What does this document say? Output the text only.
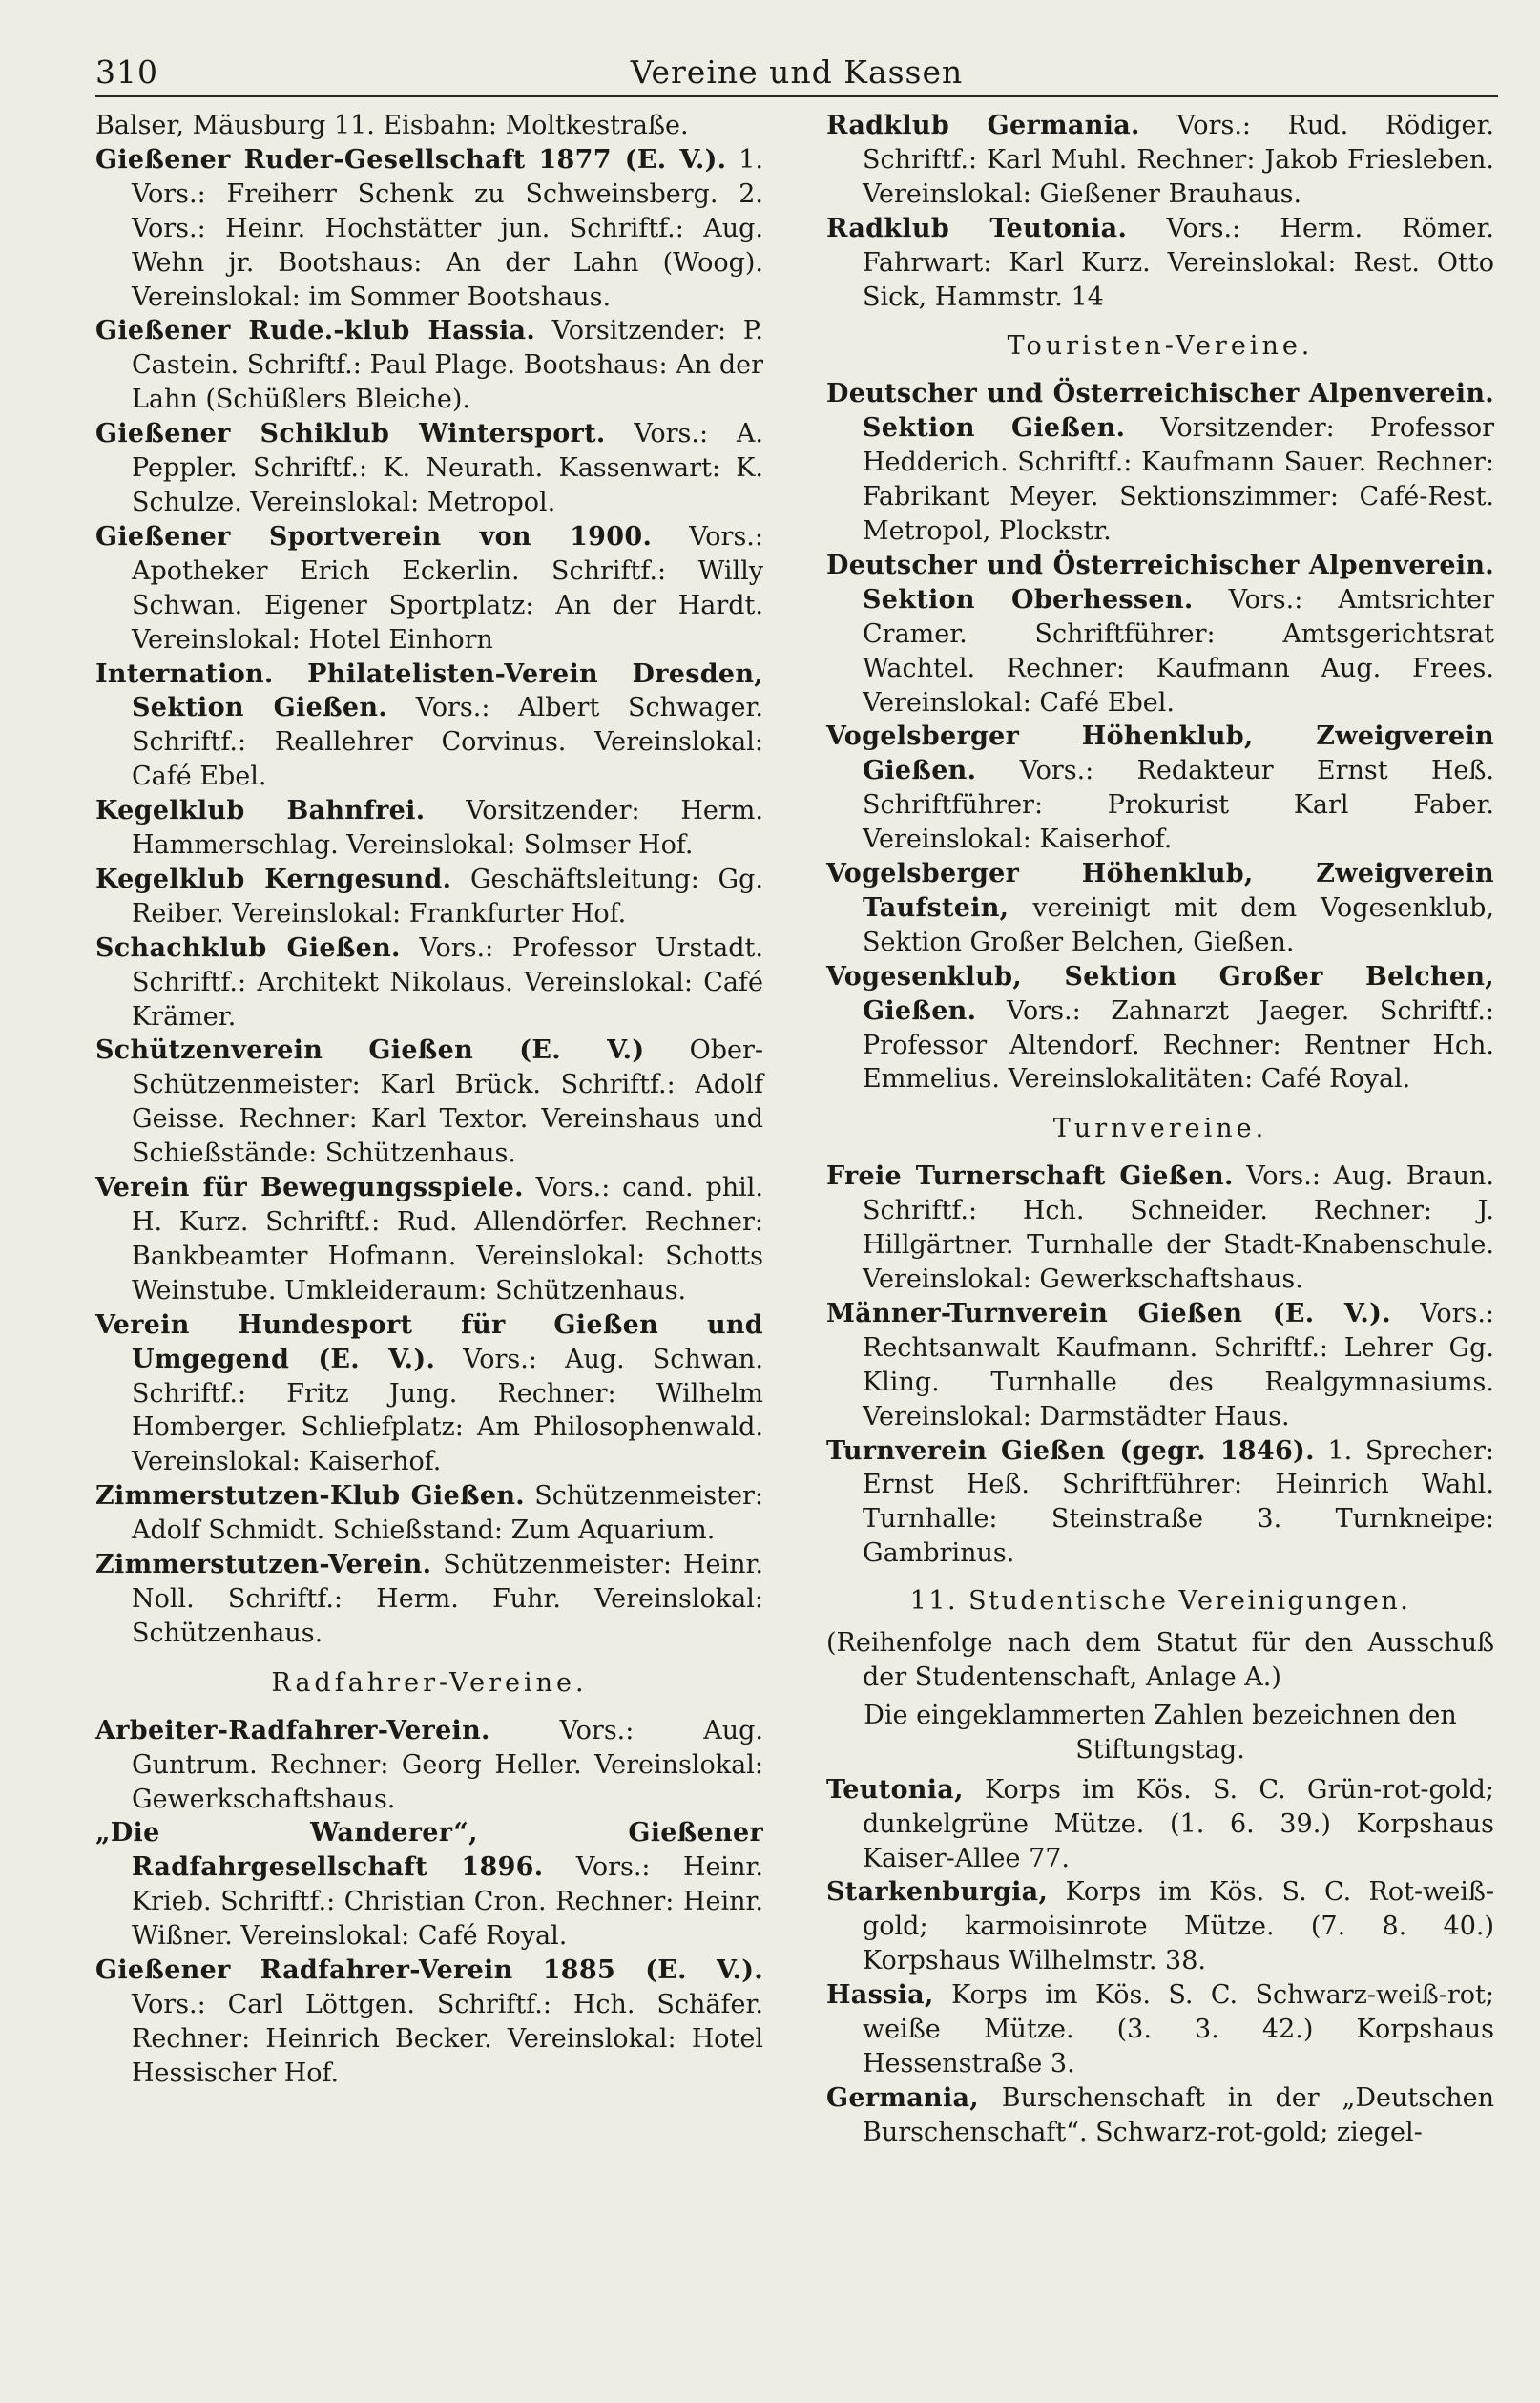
310	Vereine und Kassen

Balser, Mäusburg 11. Eisbahn: Moltkestraße.

Gießener Ruder-Gesellschaft 1877 (E. V.). 1. Vors.: Freiherr Schenk zu Schweinsberg. 2. Vors.: Heinr. Hochstätter jun. Schriftf.: Aug. Wehn jr. Bootshaus: An der Lahn (Woog). Vereinslokal: im Sommer Bootshaus.

Gießener Rude.-klub Hassia. Vorsitzender: P. Castein. Schriftf.: Paul Plage. Bootshaus: An der Lahn (Schüßlers Bleiche).

Gießener Schiklub Wintersport. Vors.: A. Peppler. Schriftf.: K. Neurath. Kassenwart: K. Schulze. Vereinslokal: Metropol.

Gießener Sportverein von 1900. Vors.: Apotheker Erich Eckerlin. Schriftf.: Willy Schwan. Eigener Sportplatz: An der Hardt. Vereinslokal: Hotel Einhorn

Internation. Philatelisten-Verein Dresden, Sektion Gießen. Vors.: Albert Schwager. Schriftf.: Reallehrer Corvinus. Vereinslokal: Café Ebel.

Kegelklub Bahnfrei. Vorsitzender: Herm. Hammerschlag. Vereinslokal: Solmser Hof.

Kegelklub Kerngesund. Geschäftsleitung: Gg. Reiber. Vereinslokal: Frankfurter Hof.

Schachklub Gießen. Vors.: Professor Urstadt. Schriftf.: Architekt Nikolaus. Vereinslokal: Café Krämer.

Schützenverein Gießen (E. V.) Ober-Schützenmeister: Karl Brück. Schriftf.: Adolf Geisse. Rechner: Karl Textor. Vereinshaus und Schießstände: Schützenhaus.

Verein für Bewegungsspiele. Vors.: cand. phil. H. Kurz. Schriftf.: Rud. Allendörfer. Rechner: Bankbeamter Hofmann. Vereinslokal: Schotts Weinstube. Umkleideraum: Schützenhaus.

Verein Hundesport für Gießen und Umgegend (E. V.). Vors.: Aug. Schwan. Schriftf.: Fritz Jung. Rechner: Wilhelm Homberger. Schliefplatz: Am Philosophenwald. Vereinslokal: Kaiserhof.

Zimmerstutzen-Klub Gießen. Schützenmeister: Adolf Schmidt. Schießstand: Zum Aquarium.

Zimmerstutzen-Verein. Schützenmeister: Heinr. Noll. Schriftf.: Herm. Fuhr. Vereinslokal: Schützenhaus.

Radfahrer-Vereine.

Arbeiter-Radfahrer-Verein.	Vors.: Aug. Guntrum. Rechner: Georg Heller. Vereinslokal: Gewerkschaftshaus.

„Die Wanderer“, Gießener Radfahrgesellschaft 1896. Vors.: Heinr. Krieb. Schriftf.: Christian Cron. Rechner: Heinr. Wißner. Vereinslokal: Café Royal.

Gießener Radfahrer-Verein 1885 (E. V.). Vors.: Carl Löttgen. Schriftf.: Hch. Schäfer. Rechner: Heinrich Becker. Vereinslokal: Hotel Hessischer Hof.

Radklub Germania. Vors.: Rud. Rödiger. Schriftf.: Karl Muhl. Rechner: Jakob Friesleben. Vereinslokal: Gießener Brauhaus.

Radklub Teutonia. Vors.: Herm. Römer. Fahrwart: Karl Kurz. Vereinslokal: Rest. Otto Sick, Hammstr. 14

Touristen-Vereine.

Deutscher und Österreichischer Alpenverein. Sektion Gießen. Vorsitzender: Professor Hedderich. Schriftf.: Kaufmann Sauer. Rechner: Fabrikant Meyer. Sektionszimmer: Café-Rest. Metropol, Plockstr.

Deutscher und Österreichischer Alpenverein. Sektion Oberhessen. Vors.: Amtsrichter Cramer. Schriftführer: Amtsgerichtsrat Wachtel. Rechner: Kaufmann Aug. Frees. Vereinslokal: Café Ebel.

Vogelsberger Höhenklub, Zweigverein Gießen. Vors.: Redakteur Ernst Heß. Schriftführer: Prokurist Karl Faber. Vereinslokal: Kaiserhof.

Vogelsberger Höhenklub, Zweigverein Taufstein, vereinigt mit dem Vogesenklub, Sektion Großer Belchen, Gießen.

Vogesenklub, Sektion Großer Belchen, Gießen. Vors.: Zahnarzt Jaeger. Schriftf.: Professor Altendorf. Rechner: Rentner Hch. Emmelius. Vereinslokalitäten: Café Royal.

Turnvereine.

Freie Turnerschaft Gießen. Vors.: Aug. Braun. Schriftf.: Hch. Schneider. Rechner: J. Hillgärtner. Turnhalle der Stadt-Knabenschule. Vereinslokal: Gewerkschaftshaus.

Männer-Turnverein Gießen (E. V.). Vors.: Rechtsanwalt Kaufmann. Schriftf.: Lehrer Gg. Kling. Turnhalle des Realgymnasiums. Vereinslokal: Darmstädter Haus.

Turnverein Gießen (gegr. 1846). 1. Sprecher: Ernst Heß. Schriftführer: Heinrich Wahl. Turnhalle: Steinstraße 3. Turnkneipe: Gambrinus.

11. Studentische Vereinigungen.

(Reihenfolge nach dem Statut für den Ausschuß der Studentenschaft, Anlage A.)

Die eingeklammerten Zahlen bezeichnen den Stiftungstag.

Teutonia, Korps im Kös. S. C. Grün-rot-gold; dunkelgrüne Mütze. (1. 6. 39.) Korpshaus Kaiser-Allee 77.

Starkenburgia, Korps im Kös. S. C. Rot-weiß-gold; karmoisinrote Mütze. (7. 8. 40.) Korpshaus Wilhelmstr. 38.

Hassia, Korps im Kös. S. C. Schwarz-weiß-rot; weiße Mütze. (3. 3. 42.) Korpshaus Hessenstraße 3.

Germania, Burschenschaft in der „Deutschen Burschenschaft“. Schwarz-rot-gold; ziegel-
